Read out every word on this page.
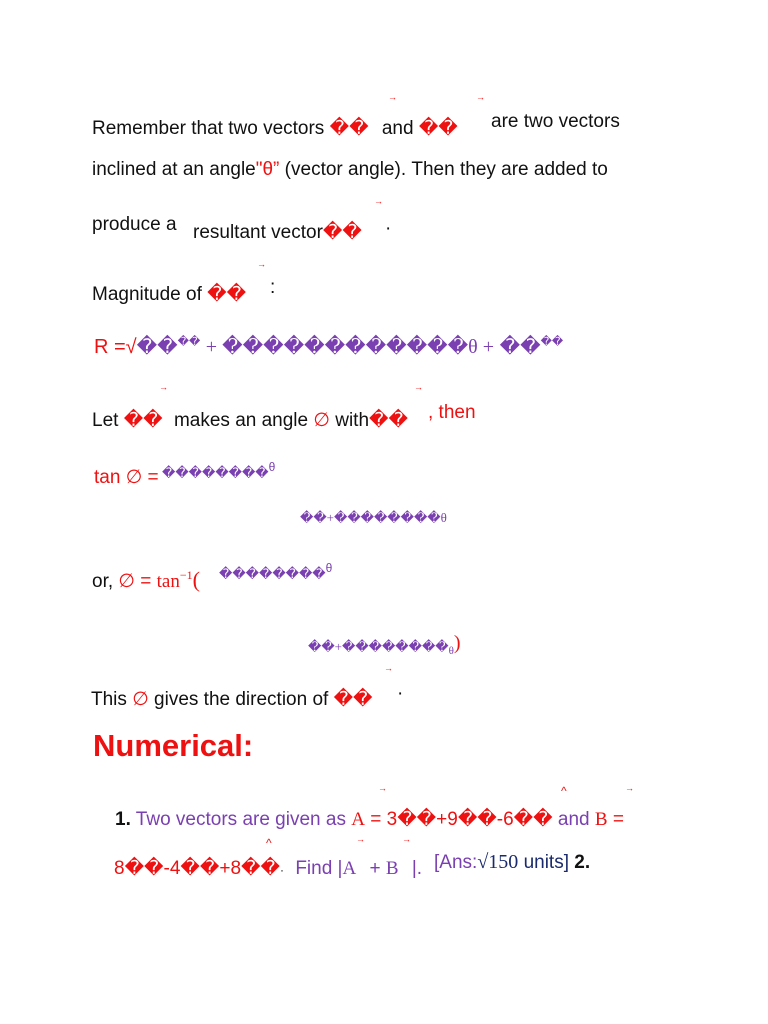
→	→
Remember that two vectors �� and �� are two vectors
inclined at an angle"θ” (vector angle). Then they are added to
→
produce a resultant vector�� ·
→
Magnitude of �� :
R =√���� + ������������θ + ����
→	→
Let �� makes an angle ∅ with�� , then
tan ∅ = ��������θ
��+��������θ
or, ∅ = $\tan^{-1}$( ��������θ
$��+��������_\theta$)
→
This ∅ gives the direction of �� ·
Numerical:
→	^	→
1. Two vectors are given as A = 3��+9��-6�� and B =
^	→	→
8��-4��+8��· Find |A + B |. [Ans:√150 units] 2.
